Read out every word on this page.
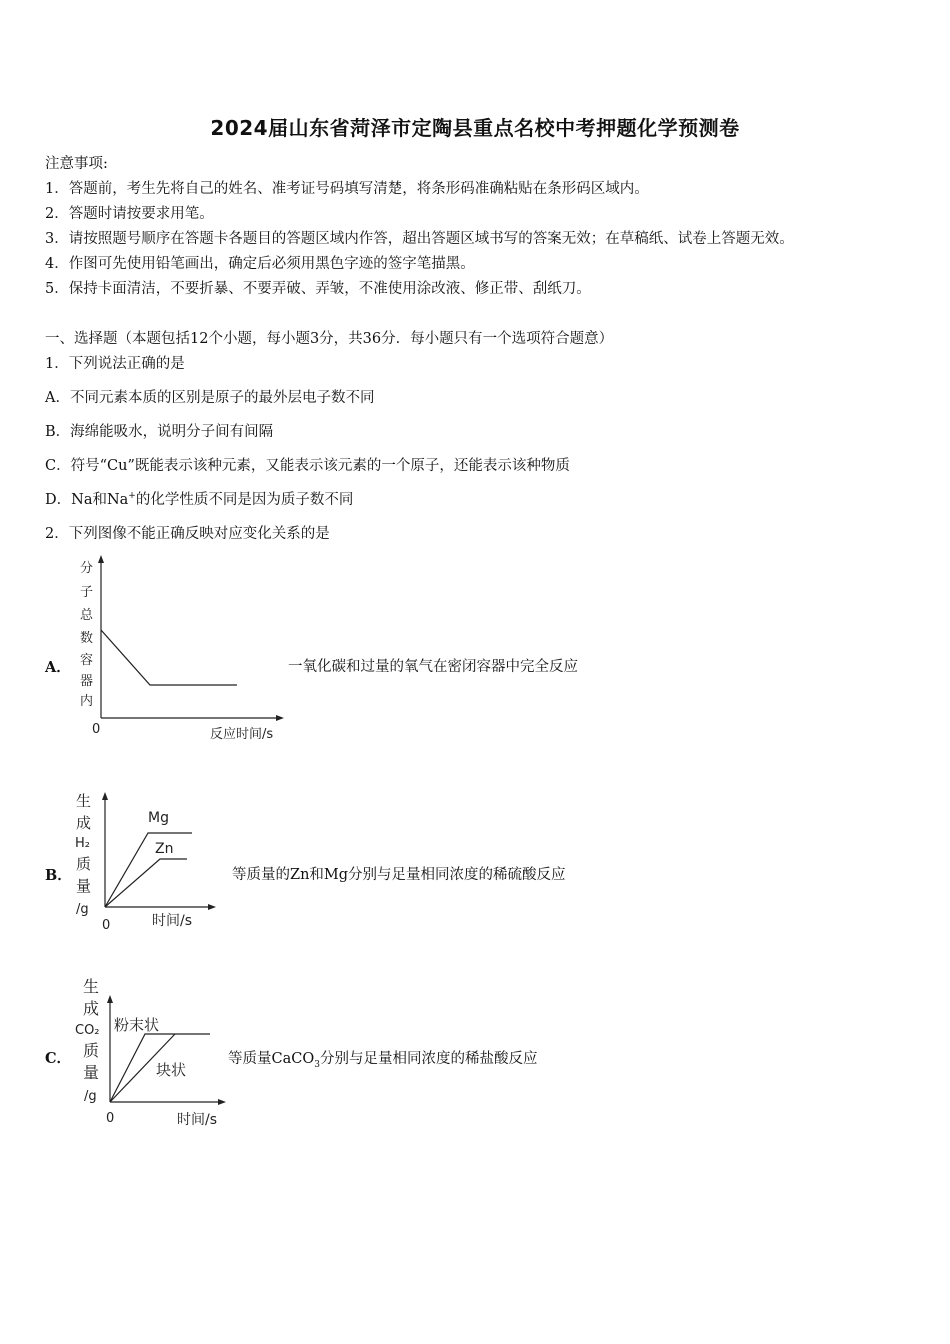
2024届山东省菏泽市定陶县重点名校中考押题化学预测卷
注意事项:
1．答题前，考生先将自己的姓名、准考证号码填写清楚，将条形码准确粘贴在条形码区域内。
2．答题时请按要求用笔。
3．请按照题号顺序在答题卡各题目的答题区域内作答，超出答题区域书写的答案无效；在草稿纸、试卷上答题无效。
4．作图可先使用铅笔画出，确定后必须用黑色字迹的签字笔描黑。
5．保持卡面清洁，不要折暴、不要弄破、弄皱，不准使用涂改液、修正带、刮纸刀。
一、选择题（本题包括12个小题，每小题3分，共36分．每小题只有一个选项符合题意）
1．下列说法正确的是
A．不同元素本质的区别是原子的最外层电子数不同
B．海绵能吸水，说明分子间有间隔
C．符号“Cu”既能表示该种元素，又能表示该元素的一个原子，还能表示该种物质
D．Na和Na+的化学性质不同是因为质子数不同
2．下列图像不能正确反映对应变化关系的是
A．
分
子
总
数
容
器
内
0	反应时间/s
一氧化碳和过量的氧气在密闭容器中完全反应
B．
生
成
H₂
质
量
/g
0	时间/s
Mg
Zn
等质量的Zn和Mg分别与足量相同浓度的稀硫酸反应
C．
生
成
CO₂
质
量
/g
0	时间/s
粉末状
块状
等质量CaCO$_3$分别与足量相同浓度的稀盐酸反应
